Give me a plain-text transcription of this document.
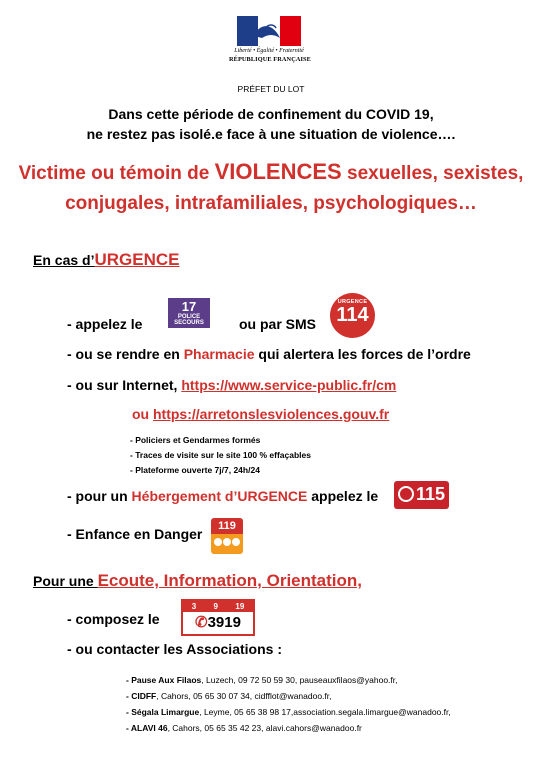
Liberté • Égalité • Fraternité
RÉPUBLIQUE FRANÇAISE
PRÉFET DU LOT
Dans cette période de confinement du COVID 19,
ne restez pas isolé.e face à une situation de violence….
Victime ou témoin de VIOLENCES sexuelles, sexistes,
conjugales, intrafamiliales, psychologiques…
En cas d’URGENCE
- appelez le
17
POLICE SECOURS	ou par SMS
URGENCE
114
- ou se rendre en Pharmacie qui alertera les forces de l’ordre
- ou sur Internet, https://www.service-public.fr/cm
ou https://arretonslesviolences.gouv.fr
- Policiers et Gendarmes formés
- Traces de visite sur le site 100 % effaçables
- Plateforme ouverte 7j/7, 24h/24
- pour un Hébergement d’URGENCE appelez le 115
- Enfance en Danger	119
Pour une Ecoute, Information, Orientation,
- composez le
3 9 19
✆3919
- ou contacter les Associations :
- Pause Aux Filaos, Luzech, 09 72 50 59 30, pauseauxfilaos@yahoo.fr,
- CIDFF, Cahors, 05 65 30 07 34, cidfflot@wanadoo.fr,
- Ségala Limargue, Leyme, 05 65 38 98 17,association.segala.limargue@wanadoo.fr,
- ALAVI 46, Cahors, 05 65 35 42 23, alavi.cahors@wanadoo.fr
